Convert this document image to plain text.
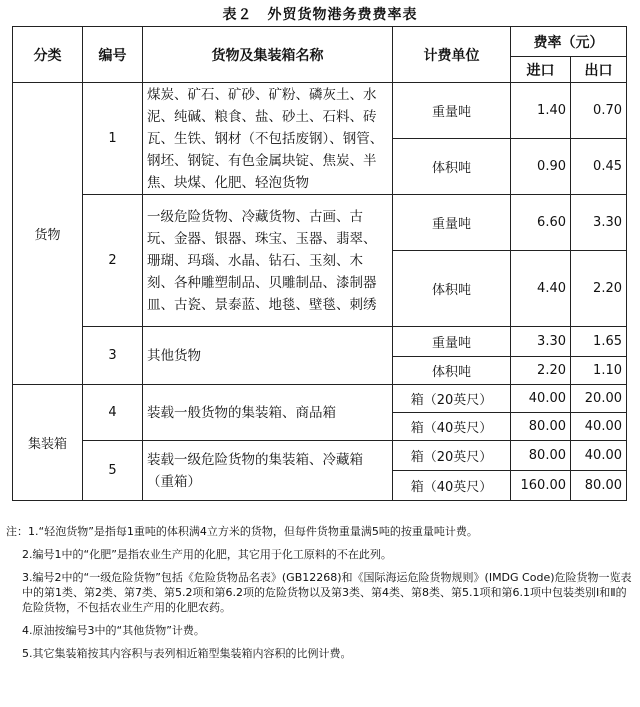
表２　外贸货物港务费费率表
分类	编号	货物及集装箱名称	计费单位	费率（元）	
				进口	出口
货物	1	煤炭、矿石、矿砂、矿粉、磷灰土、水泥、纯碱、粮食、盐、砂土、石料、砖瓦、生铁、钢材（不包括废钢）、钢管、钢坯、钢锭、有色金属块锭、焦炭、半焦、块煤、化肥、轻泡货物	重量吨	1.40	0.70
			体积吨	0.90	0.45
	2	一级危险货物、冷藏货物、古画、古玩、金器、银器、珠宝、玉器、翡翠、珊瑚、玛瑙、水晶、钻石、玉刻、木刻、各种雕塑制品、贝雕制品、漆制器皿、古瓷、景泰蓝、地毯、壁毯、刺绣	重量吨	6.60	3.30
			体积吨	4.40	2.20
	3	其他货物	重量吨	3.30	1.65
			体积吨	2.20	1.10
集装箱	4	装载一般货物的集装箱、商品箱	箱（20英尺）	40.00	20.00
			箱（40英尺）	80.00	40.00
	5	装载一级危险货物的集装箱、冷藏箱（重箱）	箱（20英尺）	80.00	40.00
			箱（40英尺）	160.00	80.00

注：1.“轻泡货物”是指每1重吨的体积满4立方米的货物，但每件货物重量满5吨的按重量吨计费。

2.编号1中的“化肥”是指农业生产用的化肥，其它用于化工原料的不在此列。

3.编号2中的“一级危险货物”包括《危险货物品名表》(GB12268)和《国际海运危险货物规则》(IMDG Code)危险货物一览表中的第1类、第2类、第7类、第5.2项和第6.2项的危险货物以及第3类、第4类、第8类、第5.1项和第6.1项中包装类别Ⅰ和Ⅱ的危险货物，不包括农业生产用的化肥农药。

4.原油按编号3中的“其他货物”计费。

5.其它集装箱按其内容积与表列相近箱型集装箱内容积的比例计费。
